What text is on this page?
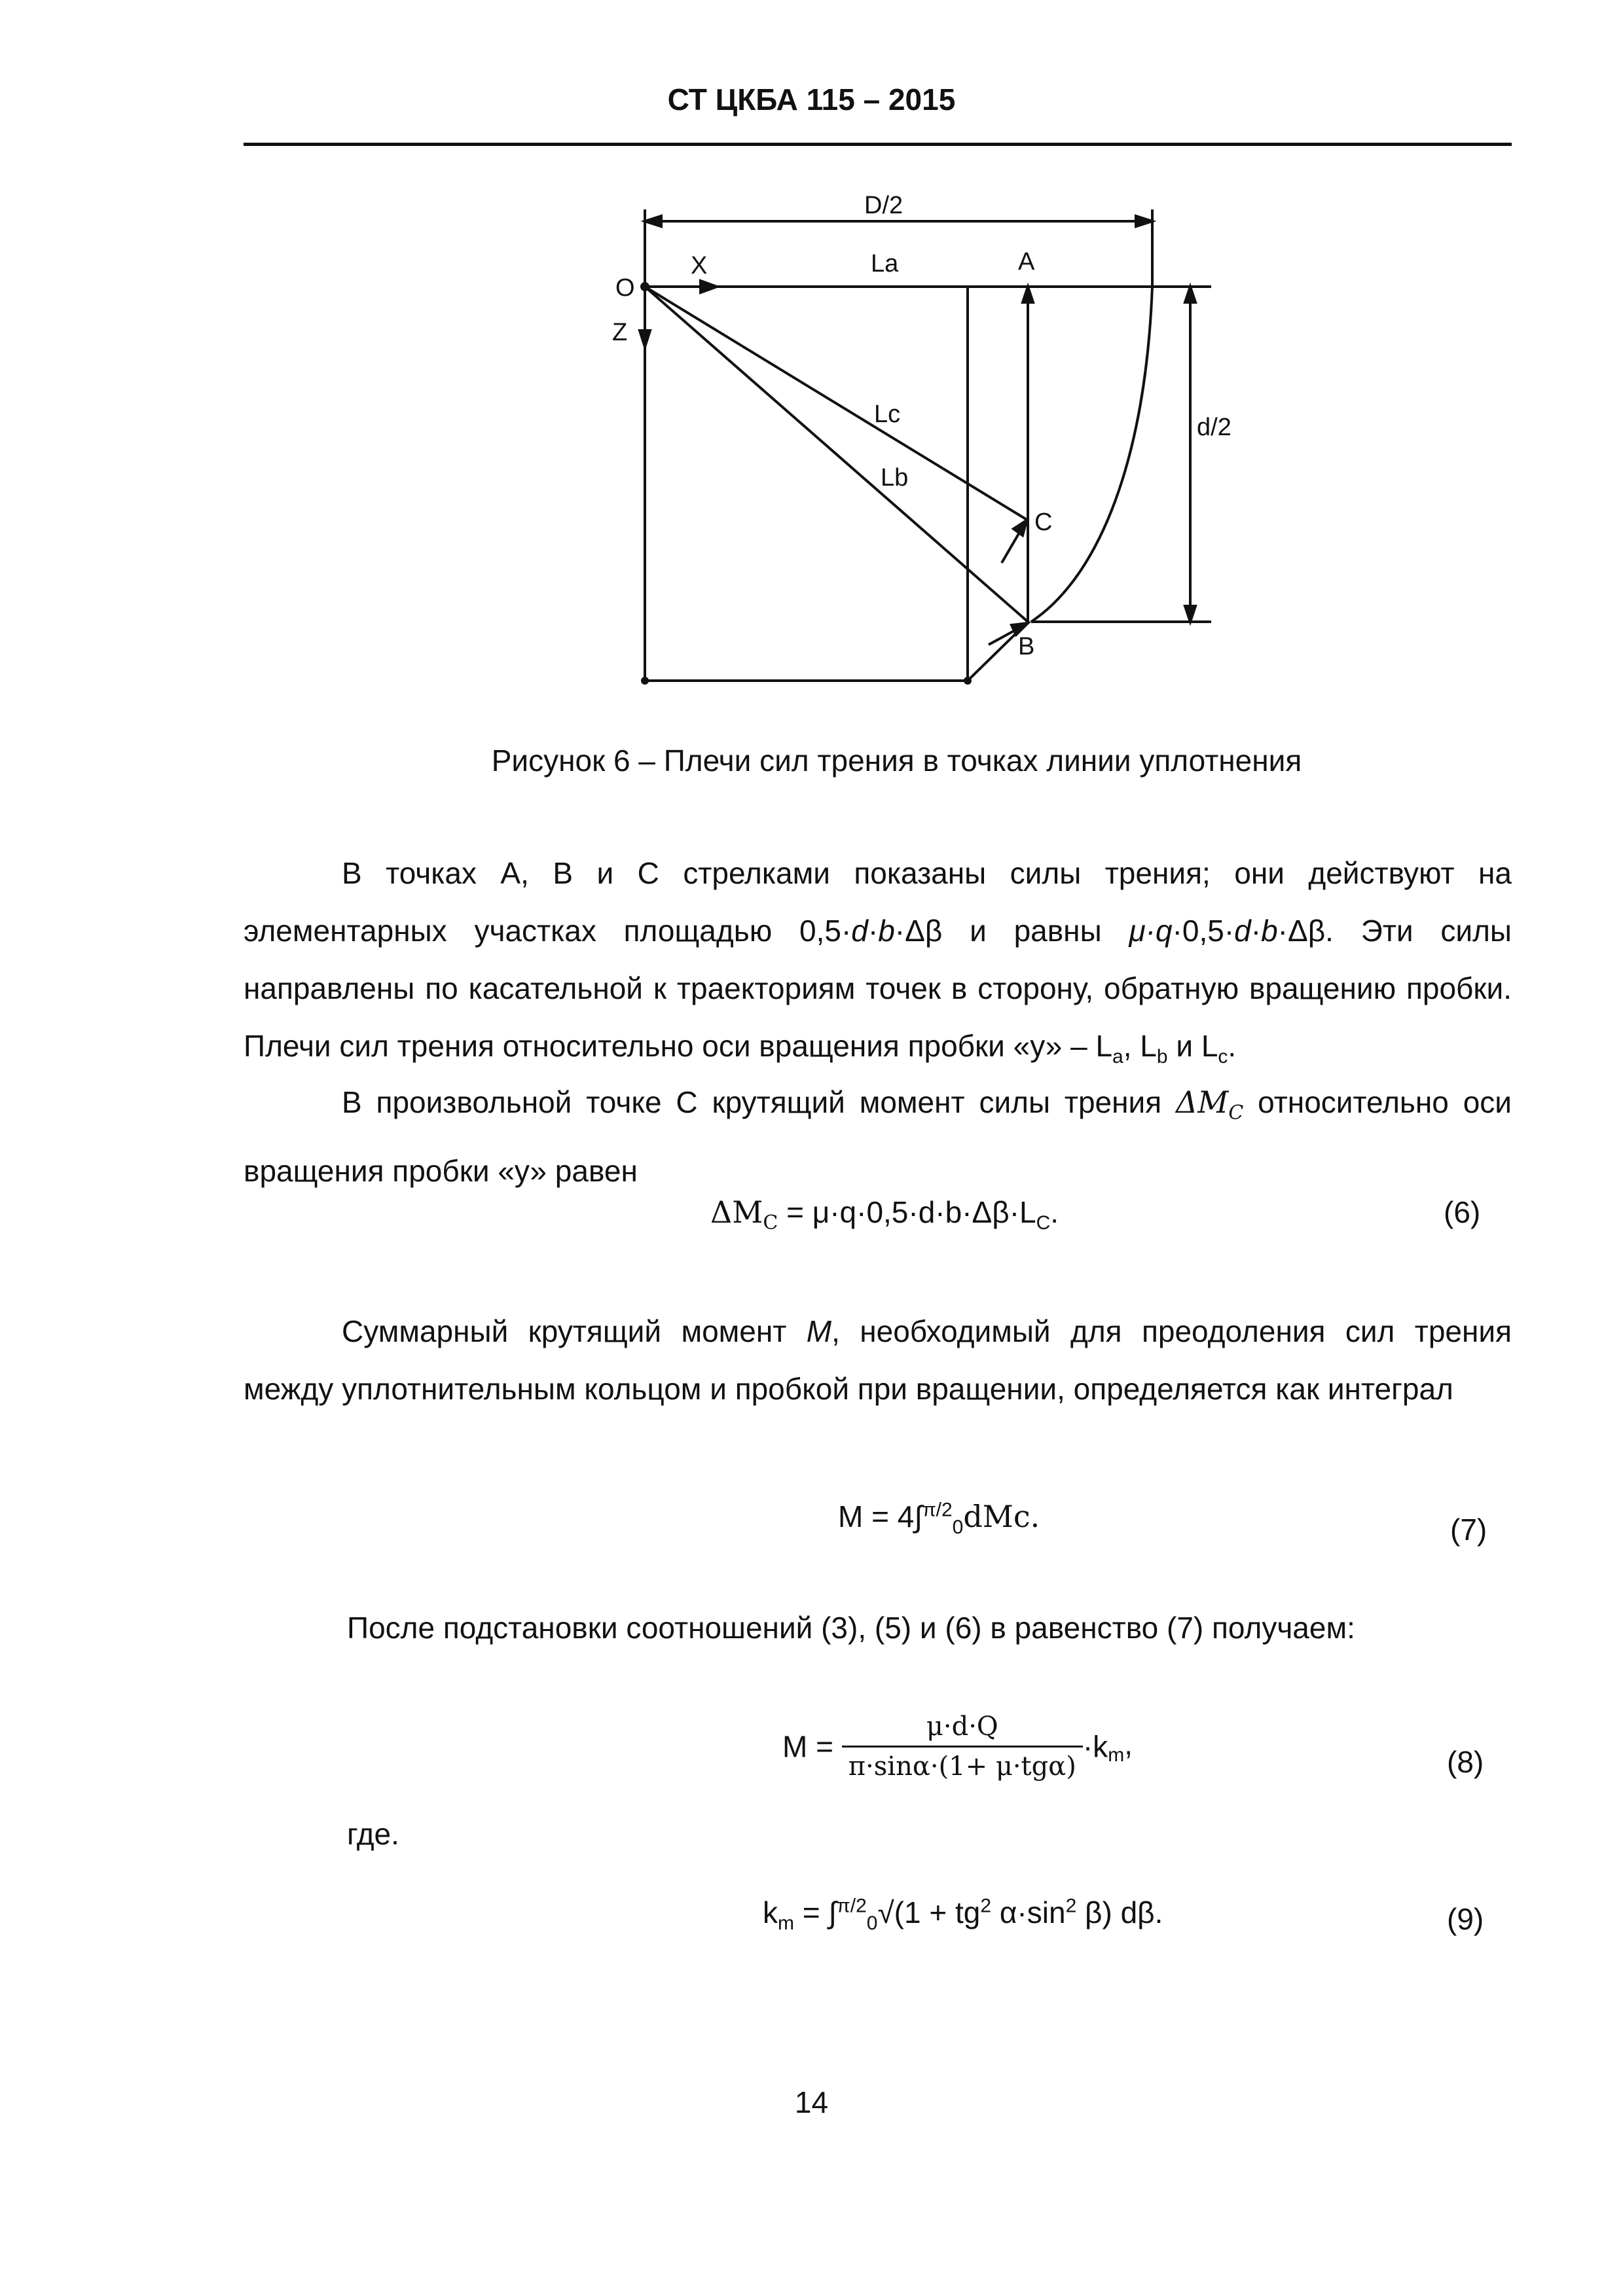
СТ ЦКБА 115 – 2015
D/2
O
X
Z
La	A
Lc
Lb
C
B
d/2
Рисунок 6 – Плечи сил трения в точках линии уплотнения

В точках А, В и С стрелками показаны силы трения; они действуют на элементарных участках площадью 0,5·d·b·Δβ и равны μ·q·0,5·d·b·Δβ. Эти силы направлены по касательной к траекториям точек в сторону, обратную вращению пробки. Плечи сил трения относительно оси вращения пробки «у» – $L_a$, $L_b$ и $L_c$.

В произвольной точке С крутящий момент силы трения $\Delta M_C$ относительно оси вращения пробки «у» равен

$\Delta M_C = \mu\cdot q\cdot 0,5\cdot d\cdot b\cdot\Delta\beta\cdot L_C$.	(6)

Суммарный крутящий момент M, необходимый для преодоления сил трения между уплотнительным кольцом и пробкой при вращении, определяется как интеграл

M = 4∫$^{\pi/2}_0$dMc.	(7)
После подстановки соотношений (3), (5) и (6) в равенство (7) получаем:
$M = \frac{\mu\cdot d\cdot Q}{\text{π·sinα·(1+ μ·tgα)}} \cdot k_m$,
(8)
где.
$k_m = \int^{\pi/2}_0√(1 + tg^2$ $\alpha\cdot\sin^2$ β) dβ.	(9)
14
